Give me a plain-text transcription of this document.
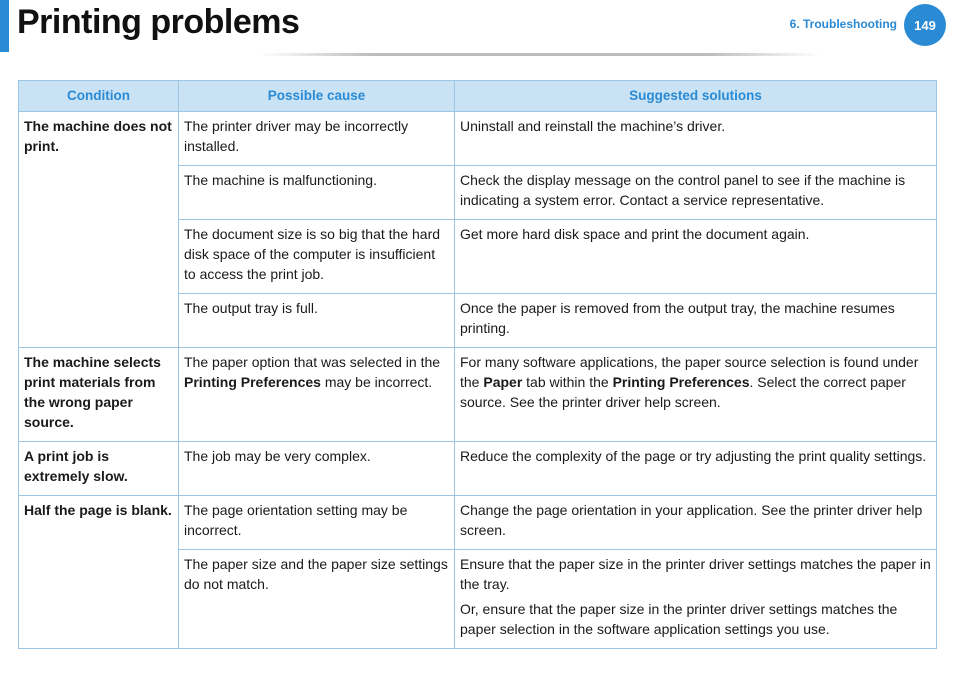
Printing problems	6. Troubleshooting	149
Condition	Possible cause	Suggested solutions
The machine does not print.	The printer driver may be incorrectly installed.	Uninstall and reinstall the machine’s driver.
	The machine is malfunctioning.	Check the display message on the control panel to see if the machine is indicating a system error. Contact a service representative.
	The document size is so big that the hard disk space of the computer is insufficient to access the print job.	Get more hard disk space and print the document again.
	The output tray is full.	Once the paper is removed from the output tray, the machine resumes printing.
The machine selects print materials from the wrong paper source.	The paper option that was selected in the Printing Preferences may be incorrect.	For many software applications, the paper source selection is found under the Paper tab within the Printing Preferences. Select the correct paper source. See the printer driver help screen.
A print job is extremely slow.	The job may be very complex.	Reduce the complexity of the page or try adjusting the print quality settings.
Half the page is blank.	The page orientation setting may be incorrect.	Change the page orientation in your application. See the printer driver help screen.
	The paper size and the paper size settings do not match.	Ensure that the paper size in the printer driver settings matches the paper in the tray.

Or, ensure that the paper size in the printer driver settings matches the paper selection in the software application settings you use.
